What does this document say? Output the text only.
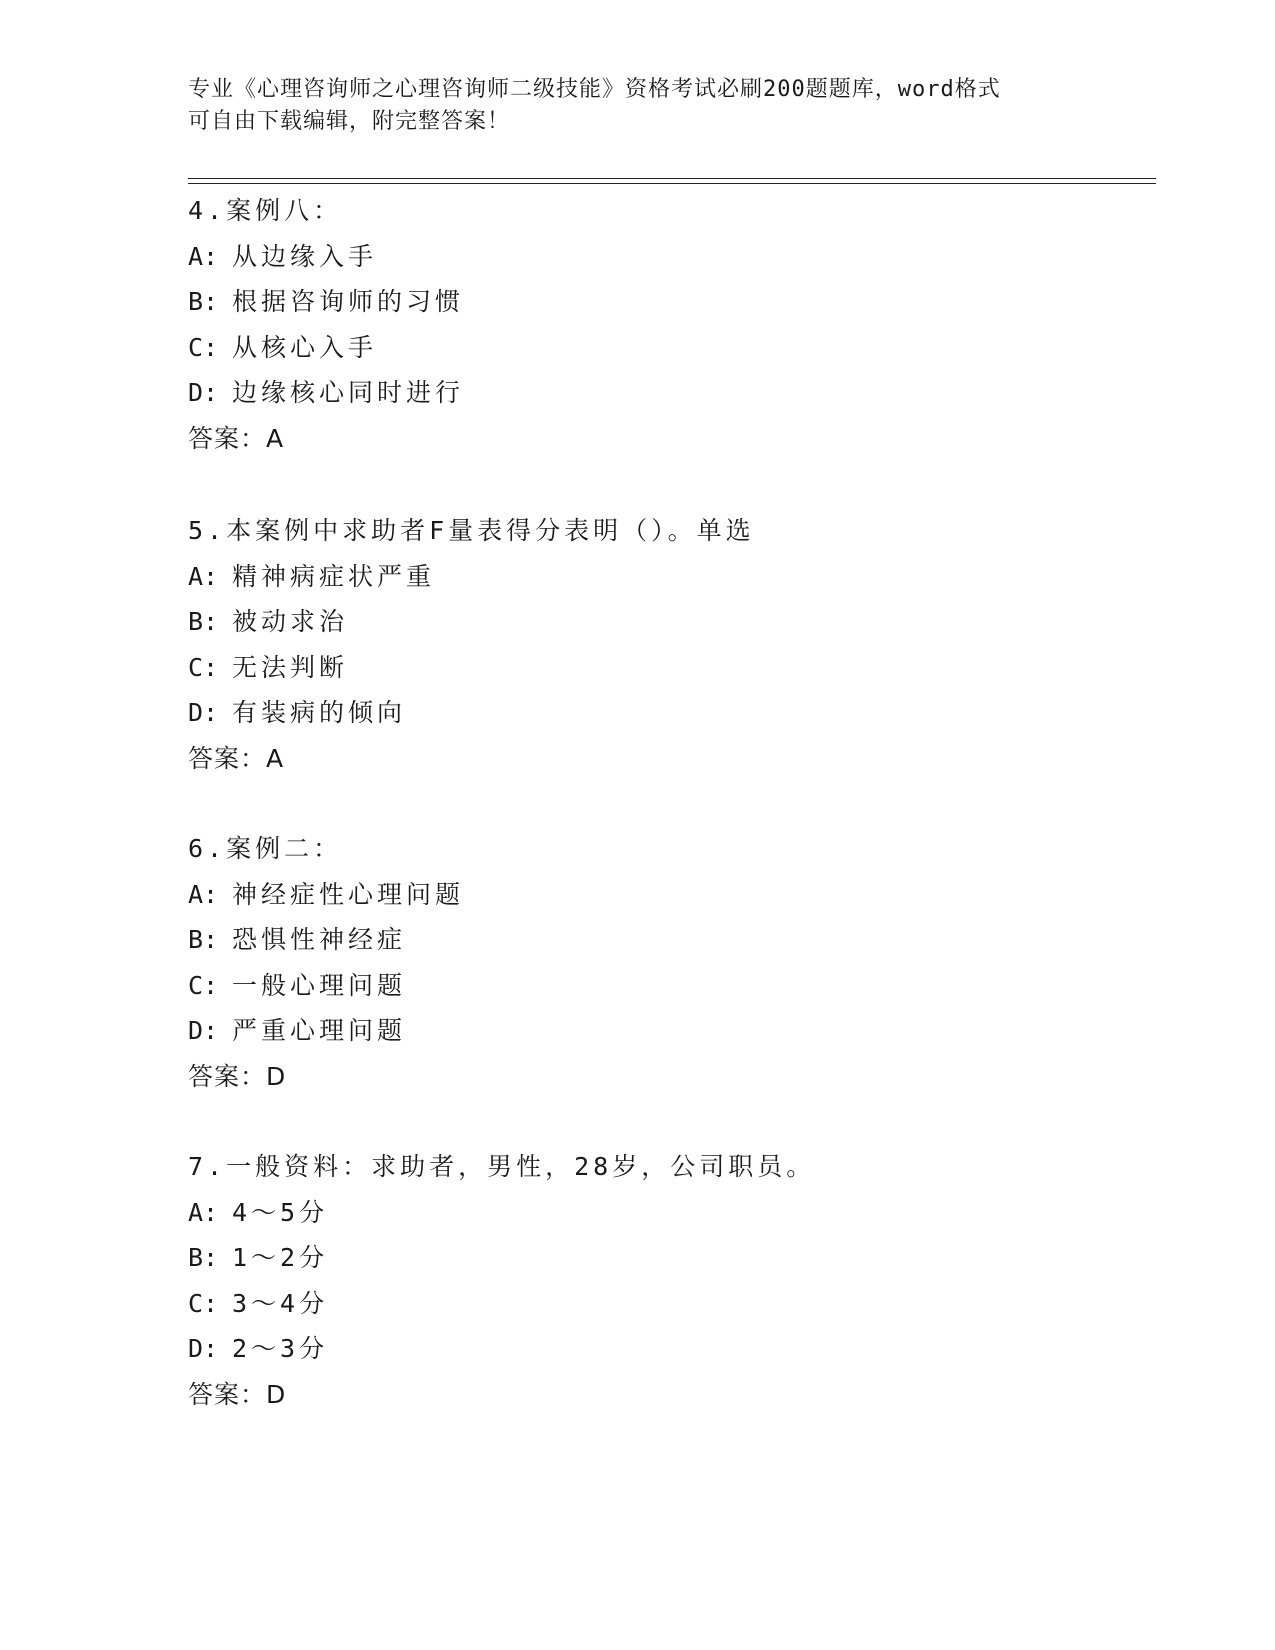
专业《心理咨询师之心理咨询师二级技能》资格考试必刷200题题库，word格式
可自由下载编辑，附完整答案！
4.案例八：
A: 从边缘入手
B: 根据咨询师的习惯
C: 从核心入手
D: 边缘核心同时进行
答案：A
5.本案例中求助者F量表得分表明（）。单选
A: 精神病症状严重
B: 被动求治
C: 无法判断
D: 有装病的倾向
答案：A
6.案例二：
A: 神经症性心理问题
B: 恐惧性神经症
C: 一般心理问题
D: 严重心理问题
答案：D
7.一般资料：求助者，男性，28岁，公司职员。
A: 4～5分
B: 1～2分
C: 3～4分
D: 2～3分
答案：D
